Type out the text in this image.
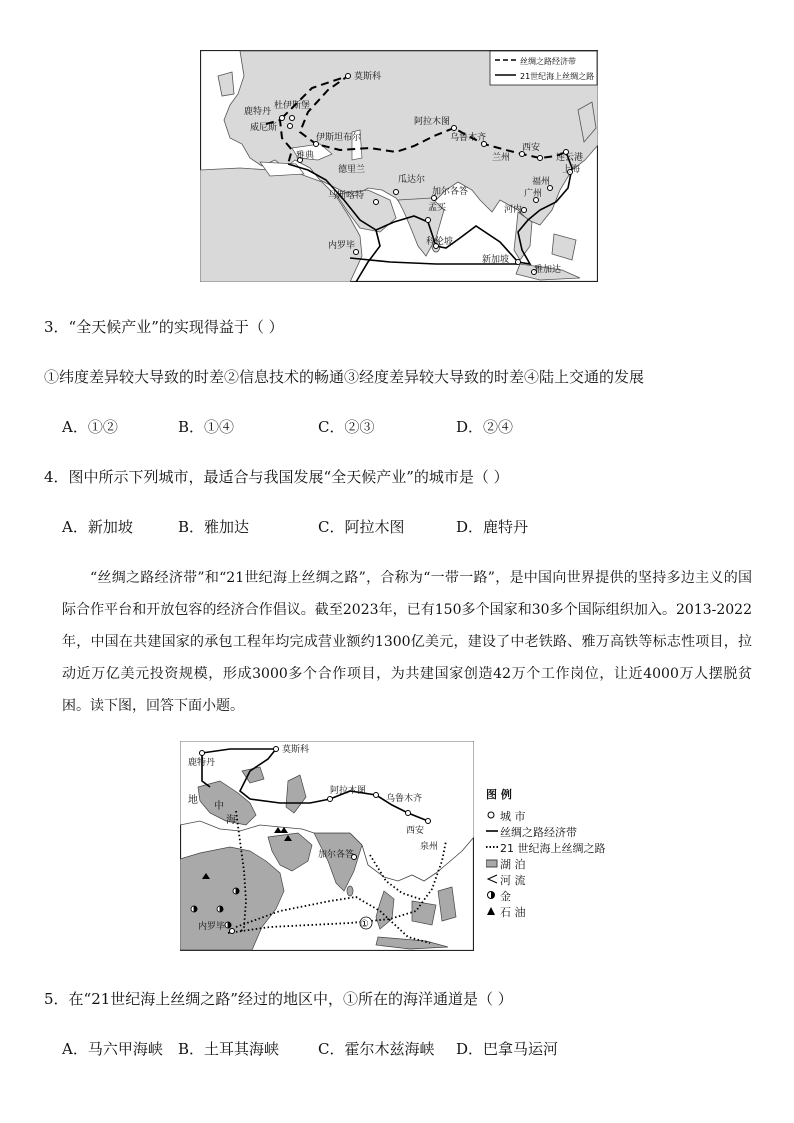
丝绸之路经济带
21世纪海上丝绸之路
莫斯科
鹿特丹
杜伊斯堡
威尼斯
伊斯坦布尔
雅典
阿拉木图
乌鲁木齐
兰州
西安
连云港
上海
福州
广州
河内
德里兰
马斯喀特
瓜达尔
加尔各答
孟买
科伦坡
内罗毕
新加坡
雅加达
3．“全天候产业”的实现得益于（ ）
①纬度差异较大导致的时差②信息技术的畅通③经度差异较大导致的时差④陆上交通的发展
A．①②	B．①④	C．②③	D．②④
4．图中所示下列城市，最适合与我国发展“全天候产业”的城市是（ ）
A．新加坡	B．雅加达	C．阿拉木图	D．鹿特丹

“丝绸之路经济带”和“21世纪海上丝绸之路”，合称为“一带一路”，是中国向世界提供的坚持多边主义的国际合作平台和开放包容的经济合作倡议。截至2023年，已有150多个国家和30多个国际组织加入。2013-2022年，中国在共建国家的承包工程年均完成营业额约1300亿美元，建设了中老铁路、雅万高铁等标志性项目，拉动近万亿美元投资规模，形成3000多个合作项目，为共建国家创造42万个工作岗位，让近4000万人摆脱贫困。读下图，回答下面小题。

鹿特丹
莫斯科
阿拉木图
乌鲁木齐
西安
泉州
加尔各答
内罗毕
地
中
海
①
图 例
城 市
丝绸之路经济带
21 世纪海上丝绸之路
湖 泊
河 流
金
石 油
5．在“21世纪海上丝绸之路”经过的地区中，①所在的海洋通道是（ ）
A．马六甲海峡 B．土耳其海峡	C．霍尔木兹海峡 D．巴拿马运河
